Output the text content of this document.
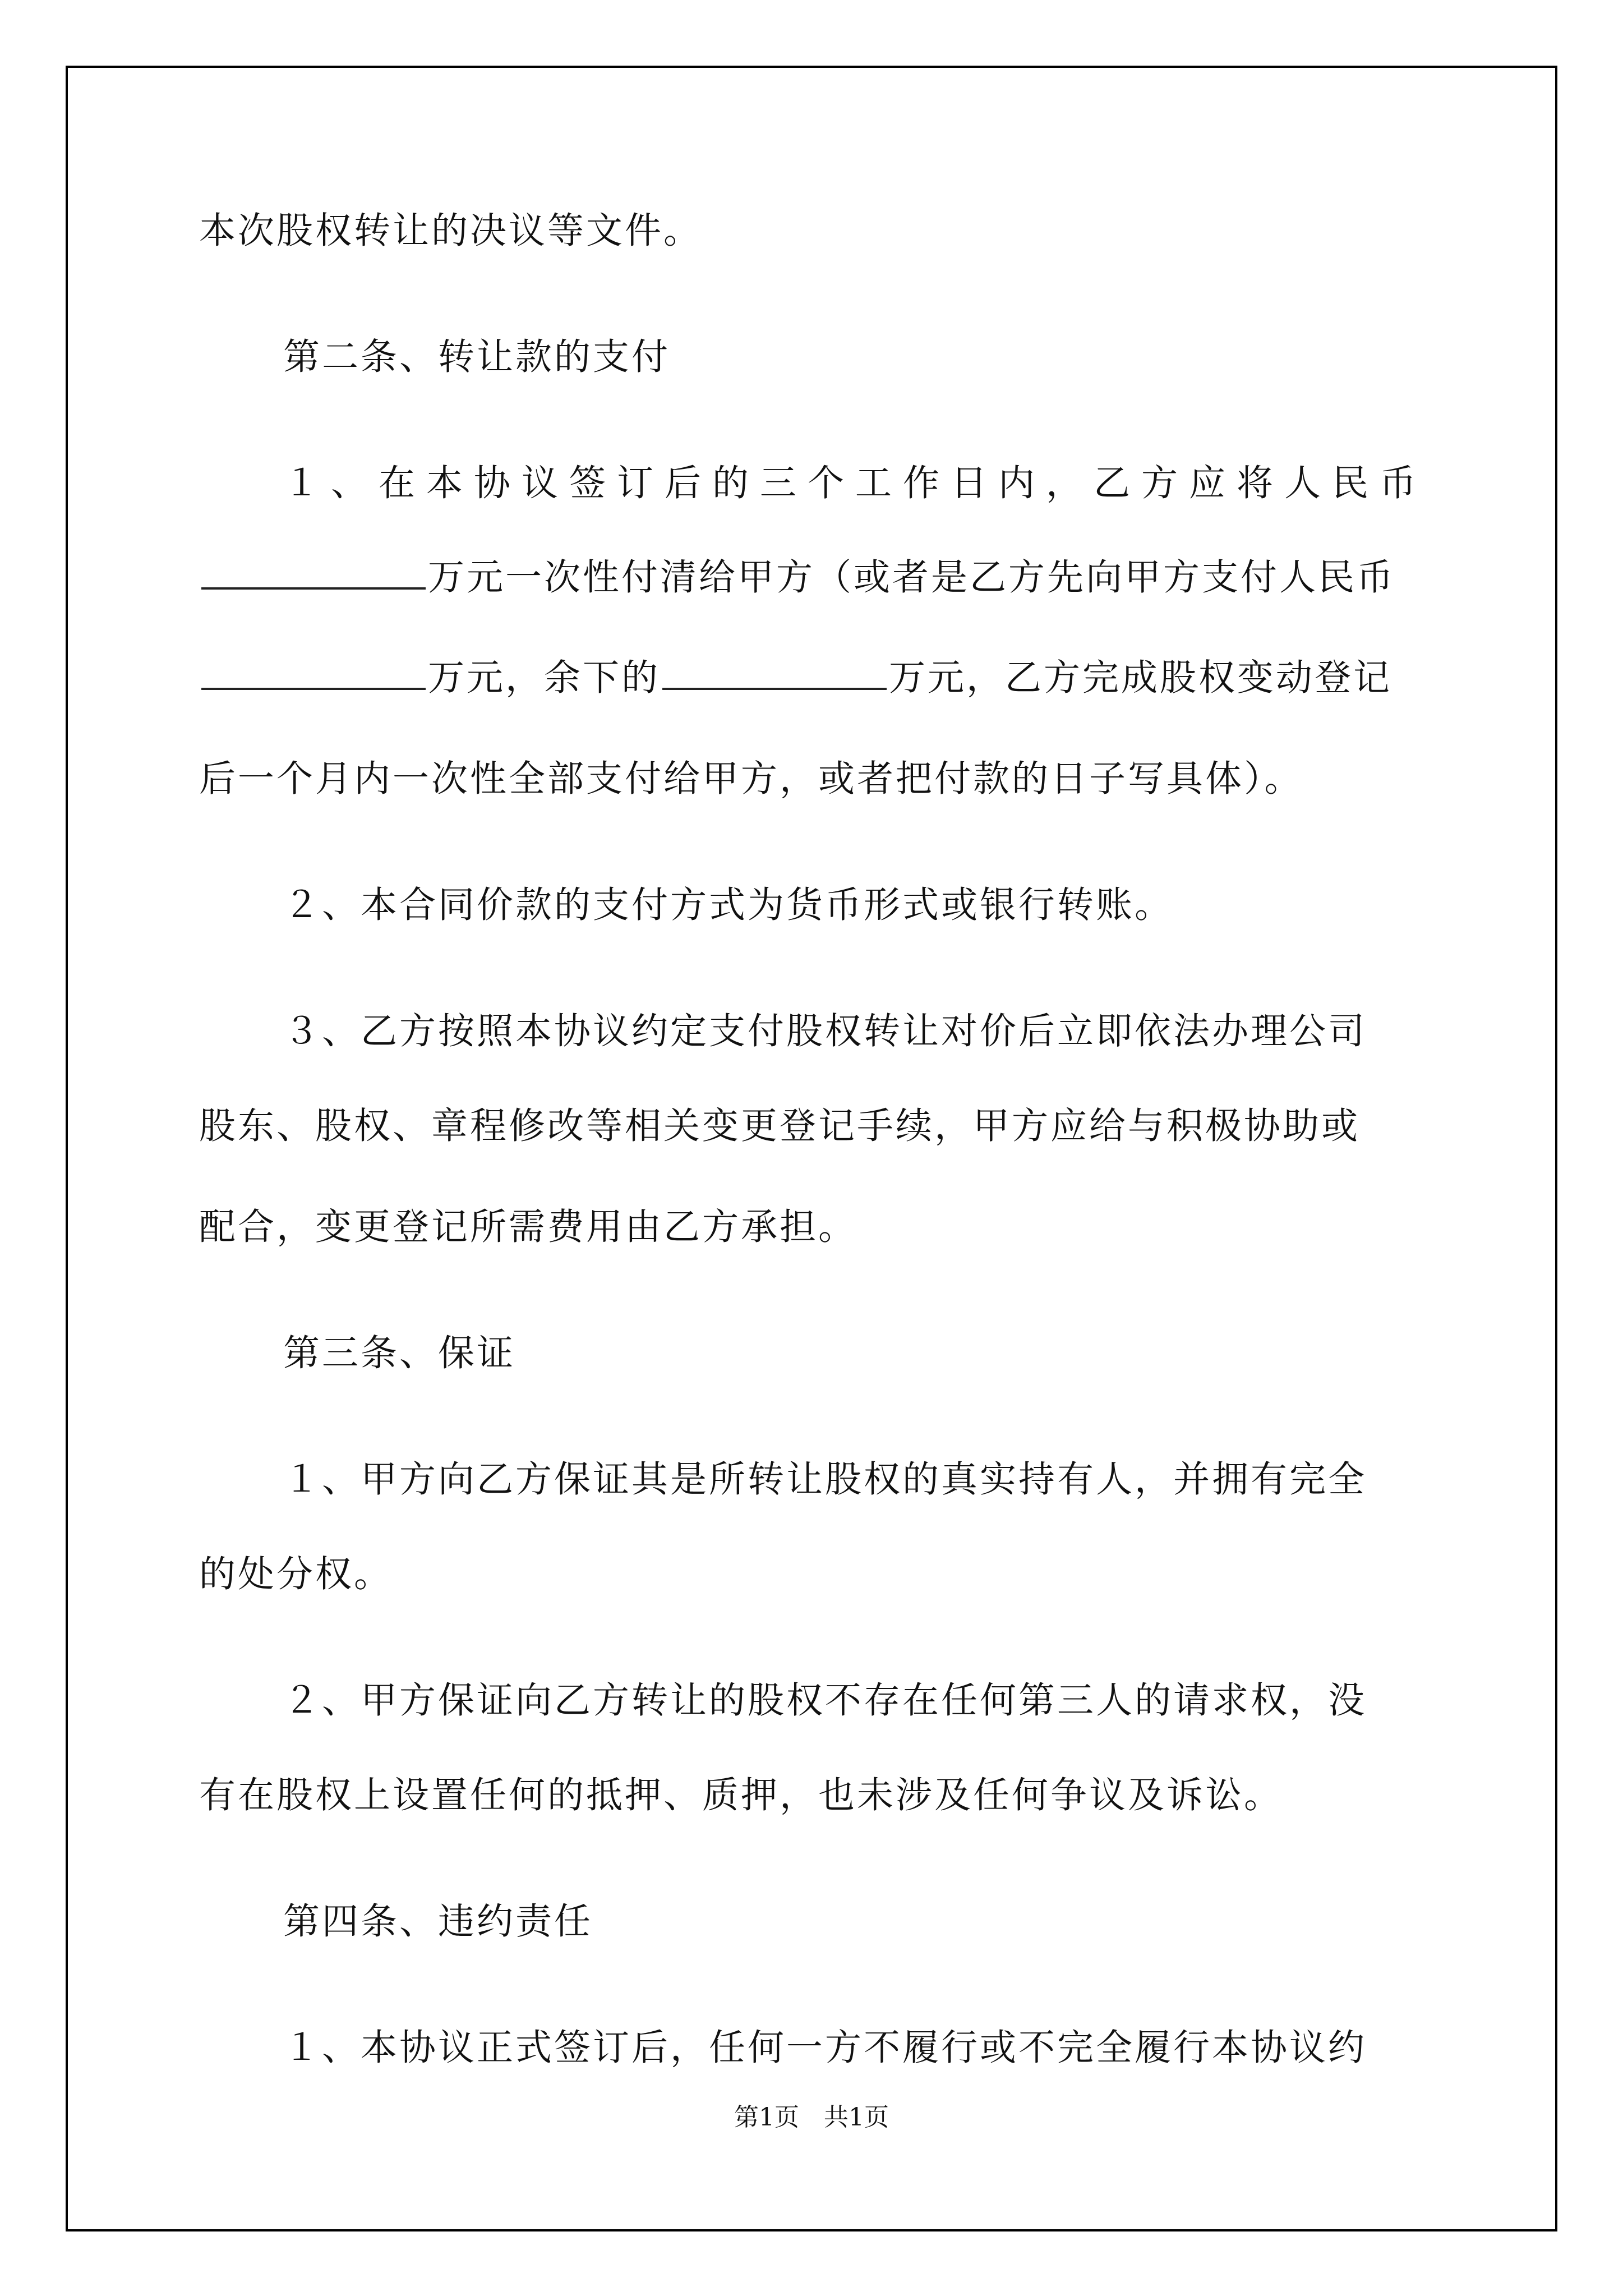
本次股权转让的决议等文件。
第二条、转让款的支付
１、在本协议签订后的三个工作日内，乙方应将人民币
万元一次性付清给甲方（或者是乙方先向甲方支付人民币
万元，余下的	万元，乙方完成股权变动登记
后一个月内一次性全部支付给甲方，或者把付款的日子写具体）。
２、本合同价款的支付方式为货币形式或银行转账。
３、乙方按照本协议约定支付股权转让对价后立即依法办理公司
股东、股权、章程修改等相关变更登记手续，甲方应给与积极协助或
配合，变更登记所需费用由乙方承担。
第三条、保证
１、甲方向乙方保证其是所转让股权的真实持有人，并拥有完全
的处分权。
２、甲方保证向乙方转让的股权不存在任何第三人的请求权，没
有在股权上设置任何的抵押、质押，也未涉及任何争议及诉讼。
第四条、违约责任
１、本协议正式签订后，任何一方不履行或不完全履行本协议约
第1页 共1页
